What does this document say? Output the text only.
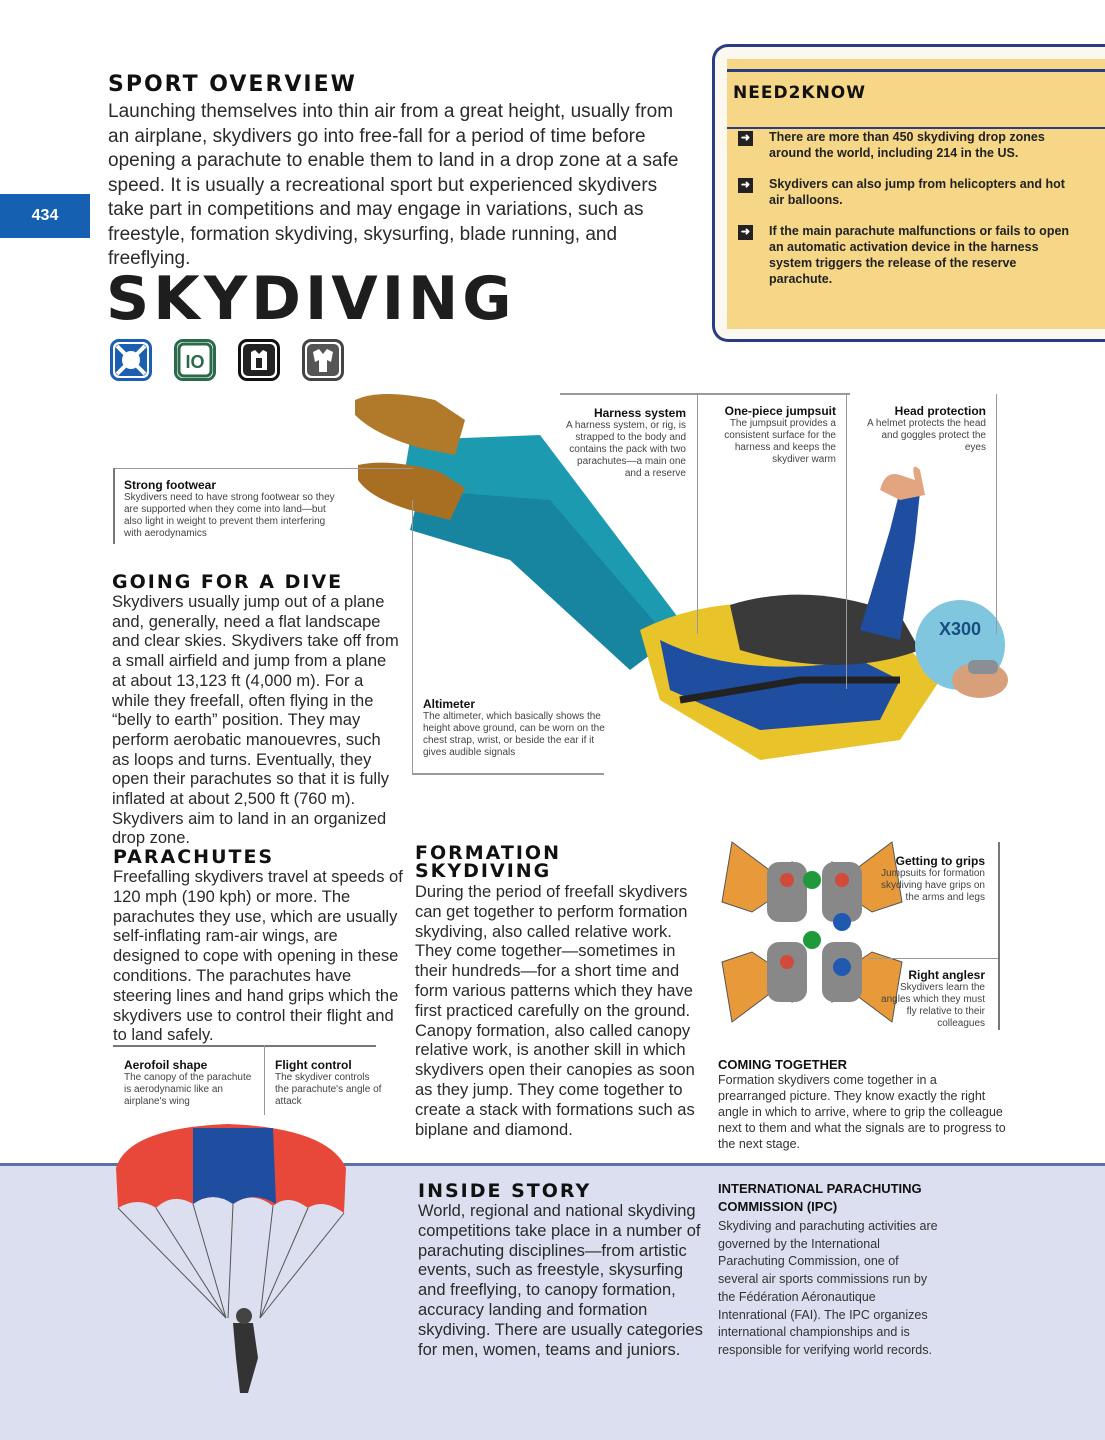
434
SPORT OVERVIEW
Launching themselves into thin air from a great height, usually from an airplane, skydivers go into free-fall for a period of time before opening a parachute to enable them to land in a drop zone at a safe speed. It is usually a recreational sport but experienced skydivers take part in competitions and may engage in variations, such as freestyle, formation skydiving, skysurfing, blade running, and freeflying.
SKYDIVING
IO
NEED2KNOW
➜ There are more than 450 skydiving drop zones around the world, including 214 in the US.
➜ Skydivers can also jump from helicopters and hot air balloons.
➜ If the main parachute malfunctions or fails to open an automatic activation device in the harness system triggers the release of the reserve parachute.
X300
Harness system
A harness system, or rig, is strapped to the body and contains the pack with two parachutes—a main one and a reserve
One-piece jumpsuit
The jumpsuit provides a consistent surface for the harness and keeps the skydiver warm
Head protection
A helmet protects the head and goggles protect the eyes
Strong footwear
Skydivers need to have strong footwear so they are supported when they come into land—but also light in weight to prevent them interfering with aerodynamics
Altimeter
The altimeter, which basically shows the height above ground, can be worn on the chest strap, wrist, or beside the ear if it gives audible signals
GOING FOR A DIVE
Skydivers usually jump out of a plane and, generally, need a flat landscape and clear skies. Skydivers take off from a small airfield and jump from a plane at about 13,123 ft (4,000 m). For a while they freefall, often flying in the “belly to earth” position. They may perform aerobatic manouevres, such as loops and turns. Eventually, they open their parachutes so that it is fully inflated at about 2,500 ft (760 m). Skydivers aim to land in an organized drop zone.
PARACHUTES
Freefalling skydivers travel at speeds of 120 mph (190 kph) or more. The parachutes they use, which are usually self-inflating ram-air wings, are designed to cope with opening in these conditions. The parachutes have steering lines and hand grips which the skydivers use to control their flight and to land safely.
FORMATION
SKYDIVING
During the period of freefall skydivers can get together to perform formation skydiving, also called relative work. They come together—sometimes in their hundreds—for a short time and form various patterns which they have first practiced carefully on the ground. Canopy formation, also called canopy relative work, is another skill in which skydivers open their canopies as soon as they jump. They come together to create a stack with formations such as biplane and diamond.
Getting to grips
Jumpsuits for formation skydiving have grips on the arms and legs
Right anglesr
Skydivers learn the angles which they must fly relative to their colleagues
COMING TOGETHER
Formation skydivers come together in a prearranged picture. They know exactly the right angle in which to arrive, where to grip the colleague next to them and what the signals are to progress to the next stage.
Aerofoil shape
The canopy of the parachute is aerodynamic like an airplane's wing
Flight control
The skydiver controls the parachute's angle of attack
INSIDE STORY
World, regional and national skydiving competitions take place in a number of parachuting disciplines—from artistic events, such as freestyle, skysurfing and freeflying, to canopy formation, accuracy landing and formation skydiving. There are usually categories for men, women, teams and juniors.
INTERNATIONAL PARACHUTING COMMISSION (IPC)
Skydiving and parachuting activities are governed by the International Parachuting Commission, one of several air sports commissions run by the Fédération Aéronautique Intenrational (FAI). The IPC organizes international championships and is responsible for verifying world records.
